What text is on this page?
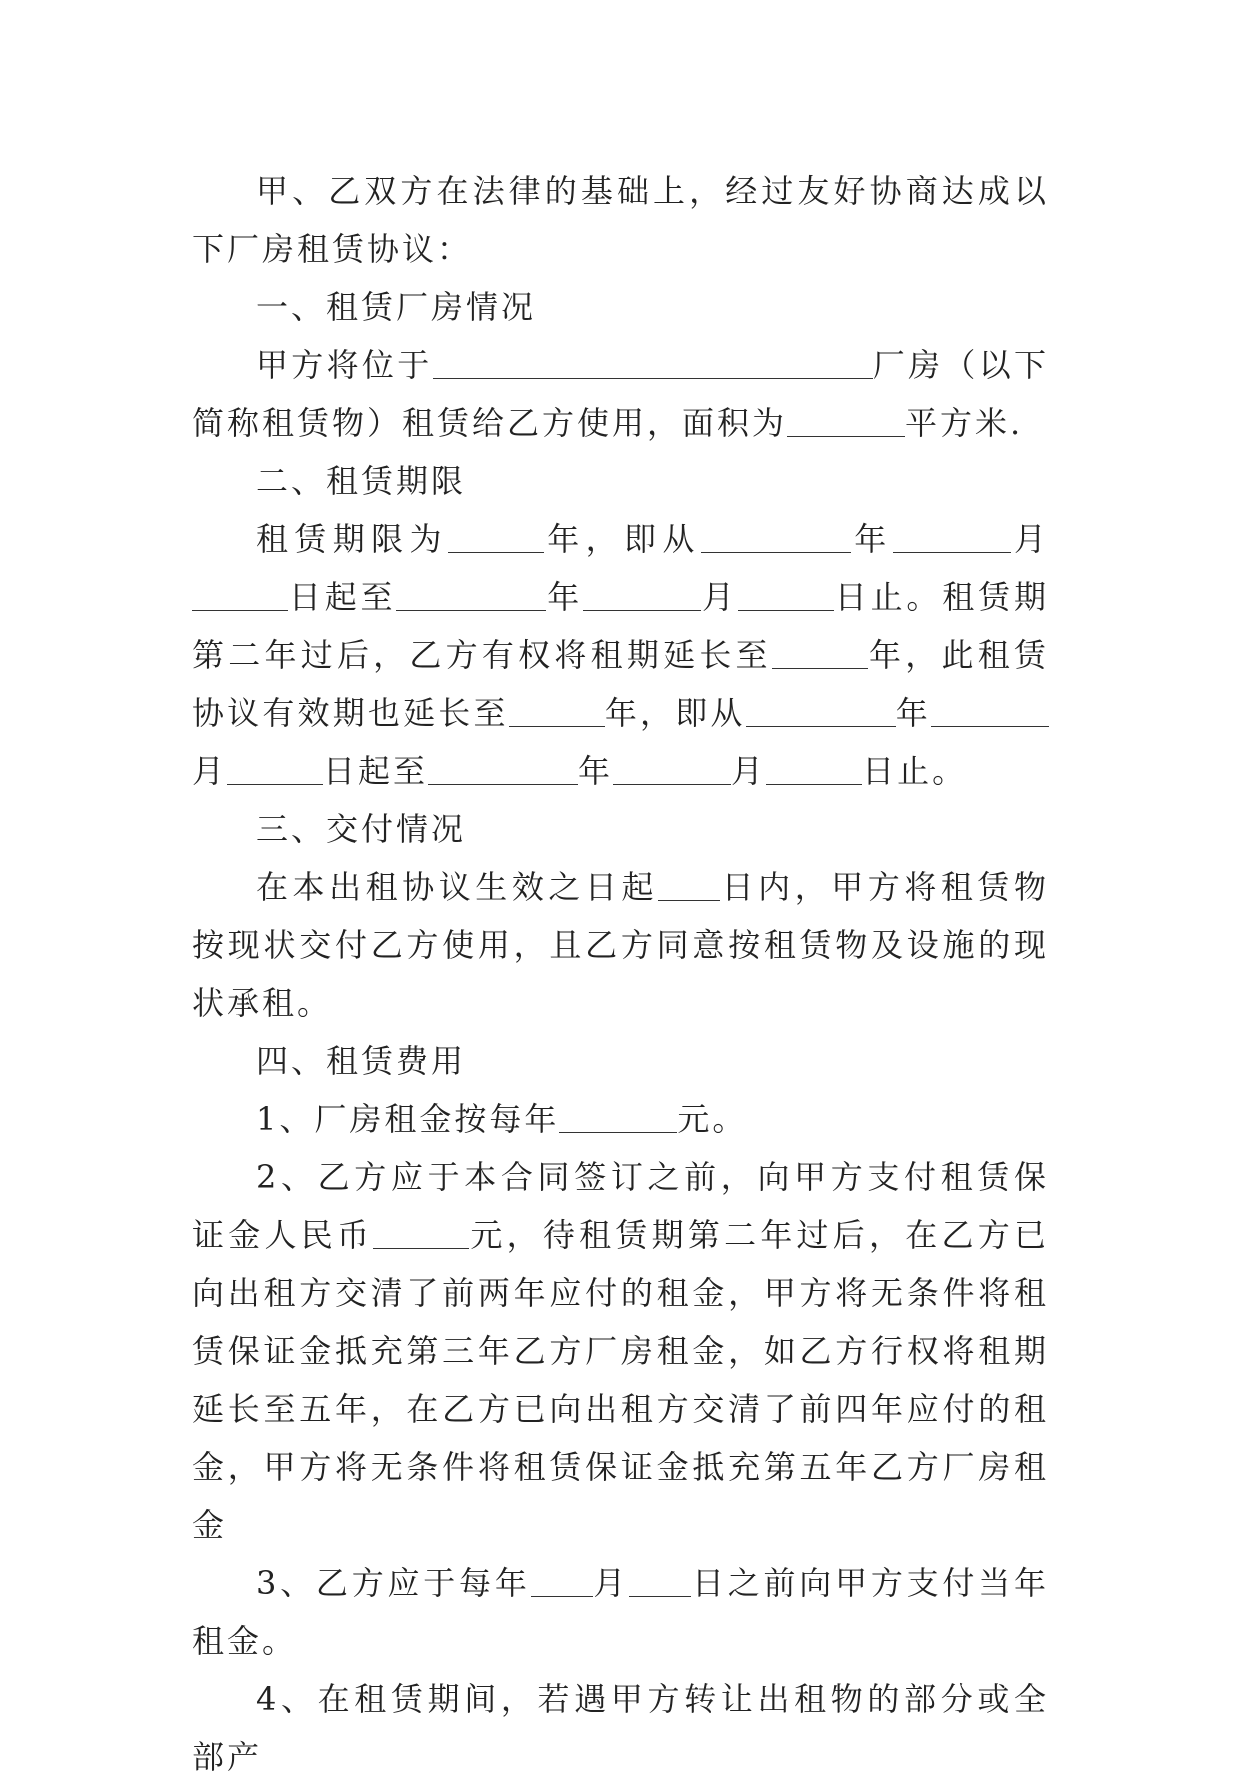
甲、乙双方在法律的基础上，经过友好协商达成以下厂房租赁协议：

一、租赁厂房情况

甲方将位于	厂房（以下简称租赁物）租赁给乙方使用，面积为	平方米.

二、租赁期限

租赁期限为	年，即从	年	月日起至	年	月	日止。租赁期第二年过后，乙方有权将租期延长至	年，此租赁协议有效期也延长至	年，即从	年月	日起至	年	月	日止。

三、交付情况

在本出租协议生效之日起 日内，甲方将租赁物按现状交付乙方使用，且乙方同意按租赁物及设施的现状承租。

四、租赁费用

1、厂房租金按每年	元。

2、乙方应于本合同签订之前，向甲方支付租赁保证金人民币	元，待租赁期第二年过后，在乙方已向出租方交清了前两年应付的租金，甲方将无条件将租赁保证金抵充第三年乙方厂房租金，如乙方行权将租期延长至五年，在乙方已向出租方交清了前四年应付的租金，甲方将无条件将租赁保证金抵充第五年乙方厂房租金

3、乙方应于每年 月 日之前向甲方支付当年租金。

4、在租赁期间，若遇甲方转让出租物的部分或全部产
